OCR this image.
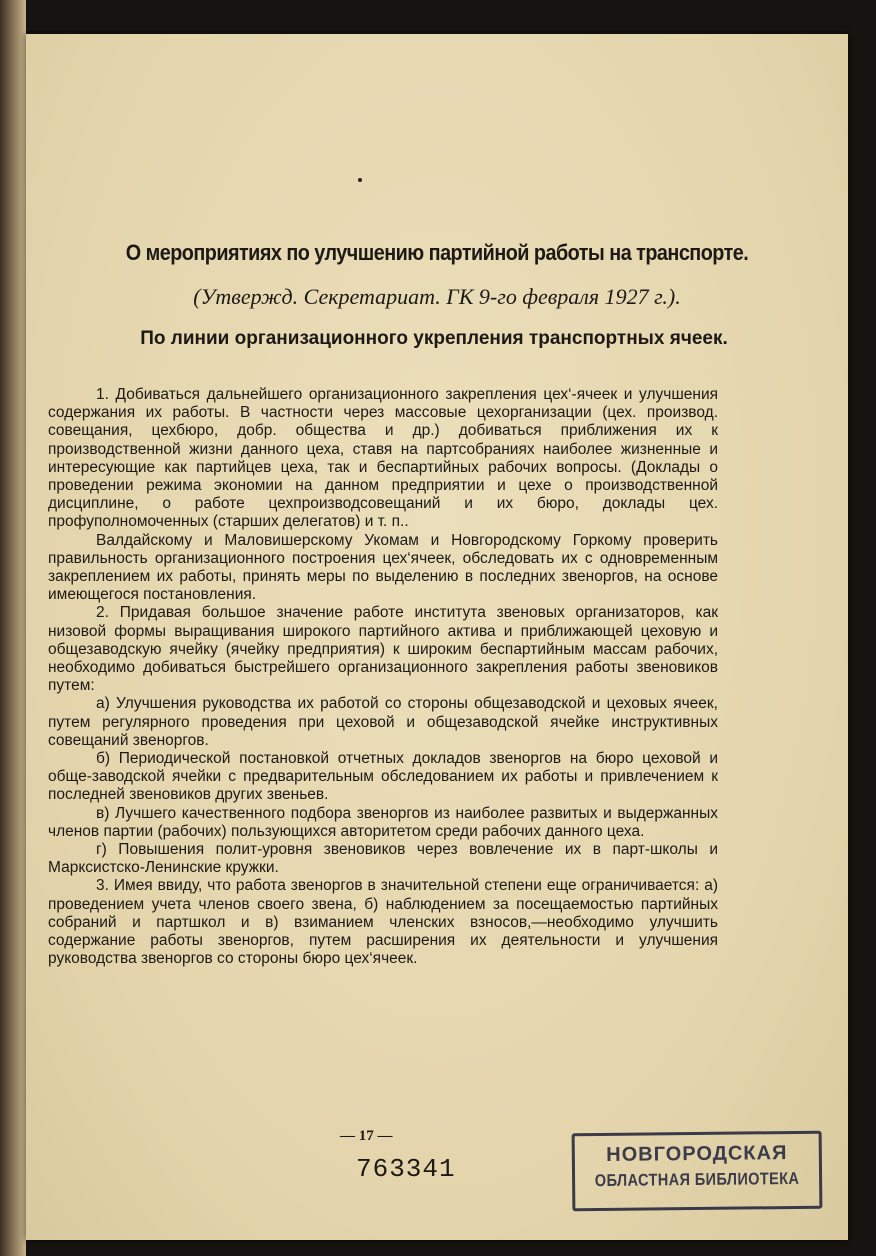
О мероприятиях по улучшению партийной работы на транспорте.
(Утвержд. Секретариат. ГК 9-го февраля 1927 г.).
По линии организационного укрепления транспортных ячеек.

1. Добиваться дальнейшего организационного закрепления цех‘-ячеек и улучшения содержания их работы. В частности через массовые цехорганизации (цех. производ. совещания, цехбюро, добр. общества и др.) добиваться приближения их к производственной жизни данного цеха, ставя на партсобраниях наиболее жизненные и интересующие как партийцев цеха, так и беспартийных рабочих вопросы. (Доклады о проведении режима экономии на данном предприятии и цехе о производственной дисциплине, о работе цехпроизводсовещаний и их бюро, доклады цех. профуполномоченных (старших делегатов) и т. п..

Валдайскому и Маловишерскому Укомам и Новгородскому Горкому проверить правильность организационного построения цех‘ячеек, обследовать их с одновременным закреплением их работы, принять меры по выделению в последних звеноргов, на основе имеющегося постановления.

2. Придавая большое значение работе института звеновых организаторов, как низовой формы выращивания широкого партийного актива и приближающей цеховую и общезаводскую ячейку (ячейку предприятия) к широким беспартийным массам рабочих, необходимо добиваться быстрейшего организационного закрепления работы звеновиков путем:

а) Улучшения руководства их работой со стороны общезаводской и цеховых ячеек, путем регулярного проведения при цеховой и общезаводской ячейке инструктивных совещаний звеноргов.

б) Периодической постановкой отчетных докладов звеноргов на бюро цеховой и обще-заводской ячейки с предварительным обследованием их работы и привлечением к последней звеновиков других звеньев.

в) Лучшего качественного подбора звеноргов из наиболее развитых и выдержанных членов партии (рабочих) пользующихся авторитетом среди рабочих данного цеха.

г) Повышения полит-уровня звеновиков через вовлечение их в парт-школы и Марксистско-Ленинские кружки.

3. Имея ввиду, что работа звеноргов в значительной степени еще ограничивается: а) проведением учета членов своего звена, б) наблюдением за посещаемостью партийных собраний и партшкол и в) взиманием членских взносов,—необходимо улучшить содержание работы звеноргов, путем расширения их деятельности и улучшения руководства звеноргов со стороны бюро цех‘ячеек.

— 17 —
763341	НОВГОРОДСКАЯ
ОБЛАСТНАЯ БИБЛИОТЕКА
